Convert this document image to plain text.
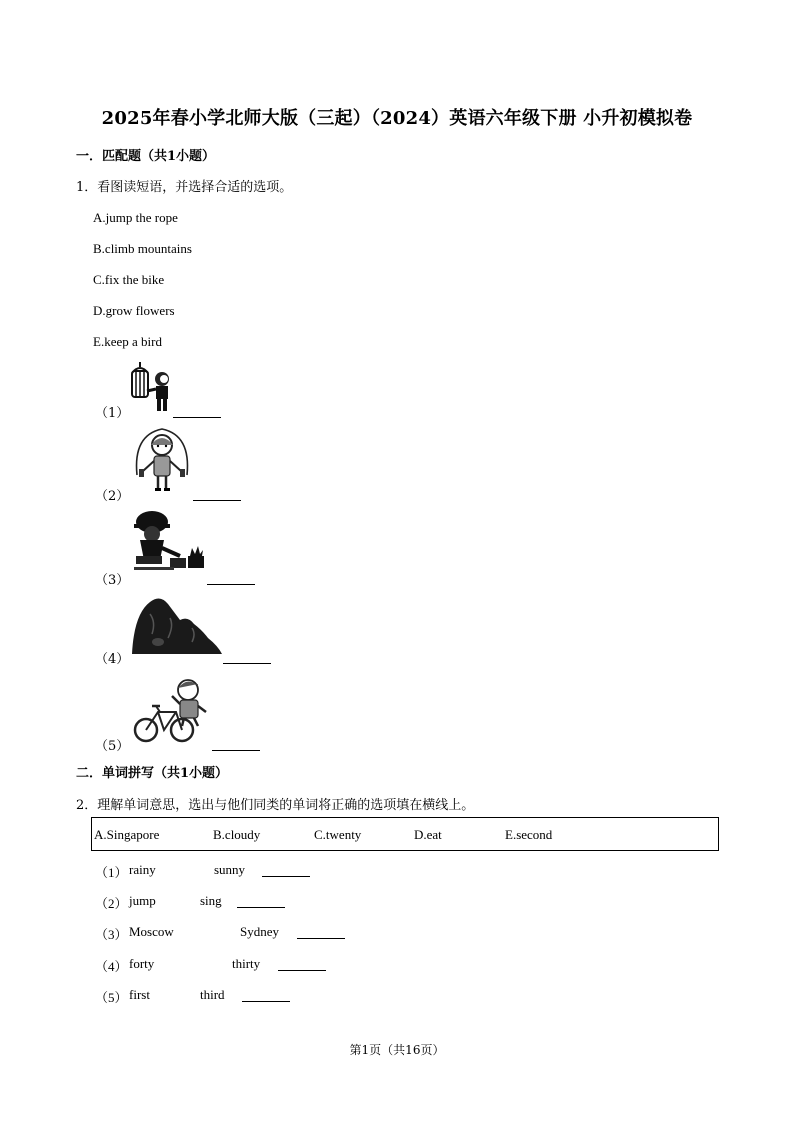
2025年春小学北师大版（三起）（2024）英语六年级下册 小升初模拟卷
一．匹配题（共1小题）
1．看图读短语，并选择合适的选项。
A.jump the rope
B.climb mountains
C.fix the bike
D.grow flowers
E.keep a bird
（1）
（2）
（3）
（4）
（5）
二．单词拼写（共1小题）
2．理解单词意思，选出与他们同类的单词将正确的选项填在横线上。
A.Singapore	B.cloudy	C.twenty	D.eat	E.second
（1） rainy	sunny
（2） jump	sing
（3） Moscow	Sydney
（4） forty	thirty
（5） first	third
第1页（共16页）
